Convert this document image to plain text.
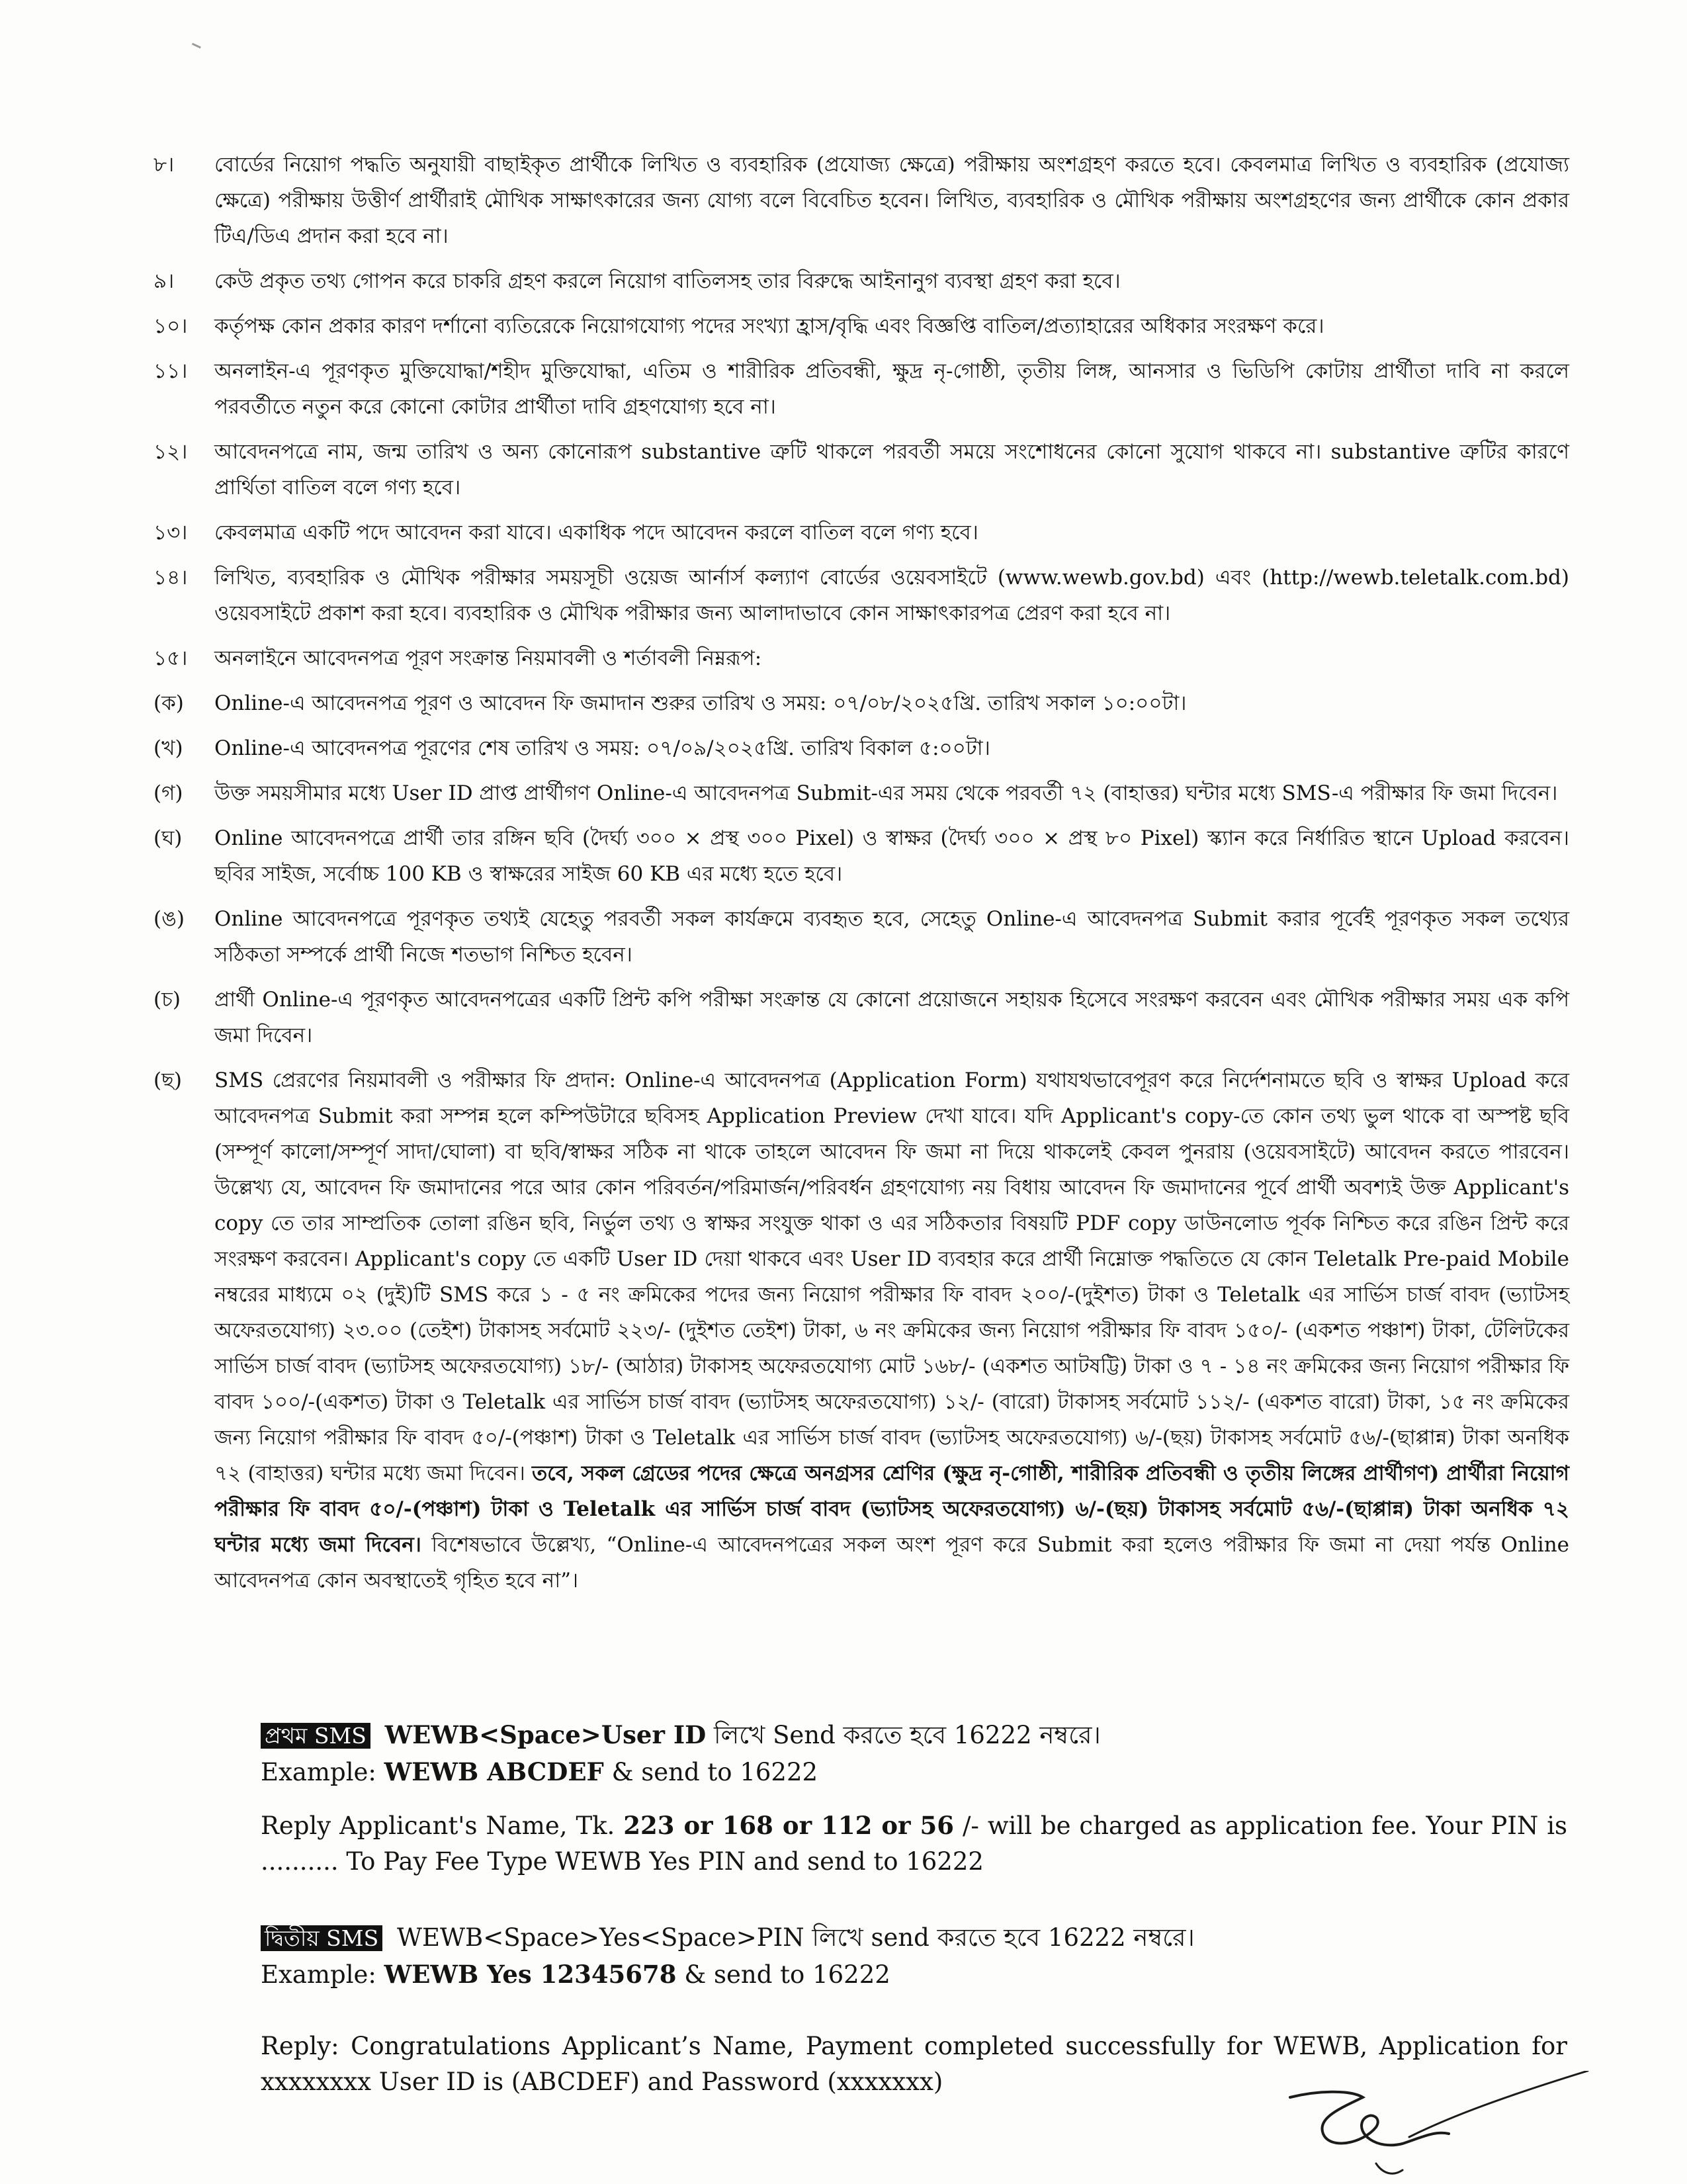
৮।	বোর্ডের নিয়োগ পদ্ধতি অনুযায়ী বাছাইকৃত প্রার্থীকে লিখিত ও ব্যবহারিক (প্রযোজ্য ক্ষেত্রে) পরীক্ষায় অংশগ্রহণ করতে হবে। কেবলমাত্র লিখিত ও ব্যবহারিক (প্রযোজ্য ক্ষেত্রে) পরীক্ষায় উত্তীর্ণ প্রার্থীরাই মৌখিক সাক্ষাৎকারের জন্য যোগ্য বলে বিবেচিত হবেন। লিখিত, ব্যবহারিক ও মৌখিক পরীক্ষায় অংশগ্রহণের জন্য প্রার্থীকে কোন প্রকার টিএ/ডিএ প্রদান করা হবে না।
৯।	কেউ প্রকৃত তথ্য গোপন করে চাকরি গ্রহণ করলে নিয়োগ বাতিলসহ তার বিরুদ্ধে আইনানুগ ব্যবস্থা গ্রহণ করা হবে।
১০।	কর্তৃপক্ষ কোন প্রকার কারণ দর্শানো ব্যতিরেকে নিয়োগযোগ্য পদের সংখ্যা হ্রাস/বৃদ্ধি এবং বিজ্ঞপ্তি বাতিল/প্রত্যাহারের অধিকার সংরক্ষণ করে।
১১।	অনলাইন-এ পূরণকৃত মুক্তিযোদ্ধা/শহীদ মুক্তিযোদ্ধা, এতিম ও শারীরিক প্রতিবন্ধী, ক্ষুদ্র নৃ-গোষ্ঠী, তৃতীয় লিঙ্গ, আনসার ও ভিডিপি কোটায় প্রার্থীতা দাবি না করলে পরবর্তীতে নতুন করে কোনো কোটার প্রার্থীতা দাবি গ্রহণযোগ্য হবে না।
১২।	আবেদনপত্রে নাম, জন্ম তারিখ ও অন্য কোনোরূপ substantive ত্রুটি থাকলে পরবর্তী সময়ে সংশোধনের কোনো সুযোগ থাকবে না। substantive ত্রুটির কারণে প্রার্থিতা বাতিল বলে গণ্য হবে।
১৩।	কেবলমাত্র একটি পদে আবেদন করা যাবে। একাধিক পদে আবেদন করলে বাতিল বলে গণ্য হবে।
১৪।	লিখিত, ব্যবহারিক ও মৌখিক পরীক্ষার সময়সূচী ওয়েজ আর্নার্স কল্যাণ বোর্ডের ওয়েবসাইটে (www.wewb.gov.bd) এবং (http://wewb.teletalk.com.bd) ওয়েবসাইটে প্রকাশ করা হবে। ব্যবহারিক ও মৌখিক পরীক্ষার জন্য আলাদাভাবে কোন সাক্ষাৎকারপত্র প্রেরণ করা হবে না।
১৫।	অনলাইনে আবেদনপত্র পূরণ সংক্রান্ত নিয়মাবলী ও শর্তাবলী নিম্নরূপ:
(ক)	Online-এ আবেদনপত্র পূরণ ও আবেদন ফি জমাদান শুরুর তারিখ ও সময়: ০৭/০৮/২০২৫খ্রি. তারিখ সকাল ১০:০০টা।
(খ)	Online-এ আবেদনপত্র পূরণের শেষ তারিখ ও সময়: ০৭/০৯/২০২৫খ্রি. তারিখ বিকাল ৫:০০টা।
(গ)	উক্ত সময়সীমার মধ্যে User ID প্রাপ্ত প্রার্থীগণ Online-এ আবেদনপত্র Submit-এর সময় থেকে পরবর্তী ৭২ (বাহাত্তর) ঘন্টার মধ্যে SMS-এ পরীক্ষার ফি জমা দিবেন।
(ঘ)	Online আবেদনপত্রে প্রার্থী তার রঙ্গিন ছবি (দৈর্ঘ্য ৩০০ × প্রস্থ ৩০০ Pixel) ও স্বাক্ষর (দৈর্ঘ্য ৩০০ × প্রস্থ ৮০ Pixel) স্ক্যান করে নির্ধারিত স্থানে Upload করবেন। ছবির সাইজ, সর্বোচ্চ 100 KB ও স্বাক্ষরের সাইজ 60 KB এর মধ্যে হতে হবে।
(ঙ)	Online আবেদনপত্রে পূরণকৃত তথ্যই যেহেতু পরবর্তী সকল কার্যক্রমে ব্যবহৃত হবে, সেহেতু Online-এ আবেদনপত্র Submit করার পূর্বেই পূরণকৃত সকল তথ্যের সঠিকতা সম্পর্কে প্রার্থী নিজে শতভাগ নিশ্চিত হবেন।
(চ)	প্রার্থী Online-এ পূরণকৃত আবেদনপত্রের একটি প্রিন্ট কপি পরীক্ষা সংক্রান্ত যে কোনো প্রয়োজনে সহায়ক হিসেবে সংরক্ষণ করবেন এবং মৌখিক পরীক্ষার সময় এক কপি জমা দিবেন।
(ছ)	SMS প্রেরণের নিয়মাবলী ও পরীক্ষার ফি প্রদান: Online-এ আবেদনপত্র (Application Form) যথাযথভাবেপূরণ করে নির্দেশনামতে ছবি ও স্বাক্ষর Upload করে আবেদনপত্র Submit করা সম্পন্ন হলে কম্পিউটারে ছবিসহ Application Preview দেখা যাবে। যদি Applicant's copy-তে কোন তথ্য ভুল থাকে বা অস্পষ্ট ছবি (সম্পূর্ণ কালো/সম্পূর্ণ সাদা/ঘোলা) বা ছবি/স্বাক্ষর সঠিক না থাকে তাহলে আবেদন ফি জমা না দিয়ে থাকলেই কেবল পুনরায় (ওয়েবসাইটে) আবেদন করতে পারবেন। উল্লেখ্য যে, আবেদন ফি জমাদানের পরে আর কোন পরিবর্তন/পরিমার্জন/পরিবর্ধন গ্রহণযোগ্য নয় বিধায় আবেদন ফি জমাদানের পূর্বে প্রার্থী অবশ্যই উক্ত Applicant's copy তে তার সাম্প্রতিক তোলা রঙিন ছবি, নির্ভুল তথ্য ও স্বাক্ষর সংযুক্ত থাকা ও এর সঠিকতার বিষয়টি PDF copy ডাউনলোড পূর্বক নিশ্চিত করে রঙিন প্রিন্ট করে সংরক্ষণ করবেন। Applicant's copy তে একটি User ID দেয়া থাকবে এবং User ID ব্যবহার করে প্রার্থী নিম্নোক্ত পদ্ধতিতে যে কোন Teletalk Pre-paid Mobile নম্বরের মাধ্যমে ০২ (দুই)টি SMS করে ১ - ৫ নং ক্রমিকের পদের জন্য নিয়োগ পরীক্ষার ফি বাবদ ২০০/-(দুইশত) টাকা ও Teletalk এর সার্ভিস চার্জ বাবদ (ভ্যাটসহ অফেরতযোগ্য) ২৩.০০ (তেইশ) টাকাসহ সর্বমোট ২২৩/- (দুইশত তেইশ) টাকা, ৬ নং ক্রমিকের জন্য নিয়োগ পরীক্ষার ফি বাবদ ১৫০/- (একশত পঞ্চাশ) টাকা, টেলিটকের সার্ভিস চার্জ বাবদ (ভ্যাটসহ অফেরতযোগ্য) ১৮/- (আঠার) টাকাসহ অফেরতযোগ্য মোট ১৬৮/- (একশত আটষট্টি) টাকা ও ৭ - ১৪ নং ক্রমিকের জন্য নিয়োগ পরীক্ষার ফি বাবদ ১০০/-(একশত) টাকা ও Teletalk এর সার্ভিস চার্জ বাবদ (ভ্যাটসহ অফেরতযোগ্য) ১২/- (বারো) টাকাসহ সর্বমোট ১১২/- (একশত বারো) টাকা, ১৫ নং ক্রমিকের জন্য নিয়োগ পরীক্ষার ফি বাবদ ৫০/-(পঞ্চাশ) টাকা ও Teletalk এর সার্ভিস চার্জ বাবদ (ভ্যাটসহ অফেরতযোগ্য) ৬/-(ছয়) টাকাসহ সর্বমোট ৫৬/-(ছাপ্পান্ন) টাকা অনধিক ৭২ (বাহাত্তর) ঘন্টার মধ্যে জমা দিবেন। তবে, সকল গ্রেডের পদের ক্ষেত্রে অনগ্রসর শ্রেণির (ক্ষুদ্র নৃ-গোষ্ঠী, শারীরিক প্রতিবন্ধী ও তৃতীয় লিঙ্গের প্রার্থীগণ) প্রার্থীরা নিয়োগ পরীক্ষার ফি বাবদ ৫০/-(পঞ্চাশ) টাকা ও Teletalk এর সার্ভিস চার্জ বাবদ (ভ্যাটসহ অফেরতযোগ্য) ৬/-(ছয়) টাকাসহ সর্বমোট ৫৬/-(ছাপ্পান্ন) টাকা অনধিক ৭২ ঘন্টার মধ্যে জমা দিবেন। বিশেষভাবে উল্লেখ্য, “Online-এ আবেদনপত্রের সকল অংশ পূরণ করে Submit করা হলেও পরীক্ষার ফি জমা না দেয়া পর্যন্ত Online আবেদনপত্র কোন অবস্থাতেই গৃহিত হবে না”।
প্রথম SMS WEWB<Space>User ID লিখে Send করতে হবে 16222 নম্বরে।
Example: WEWB ABCDEF & send to 16222

Reply Applicant's Name, Tk. 223 or 168 or 112 or 56 /- will be charged as application fee. Your PIN is .......... To Pay Fee Type WEWB Yes PIN and send to 16222

দ্বিতীয় SMS WEWB<Space>Yes<Space>PIN লিখে send করতে হবে 16222 নম্বরে।
Example: WEWB Yes 12345678 & send to 16222

Reply: Congratulations Applicant’s Name, Payment completed successfully for WEWB, Application for xxxxxxxx User ID is (ABCDEF) and Password (xxxxxxx)
